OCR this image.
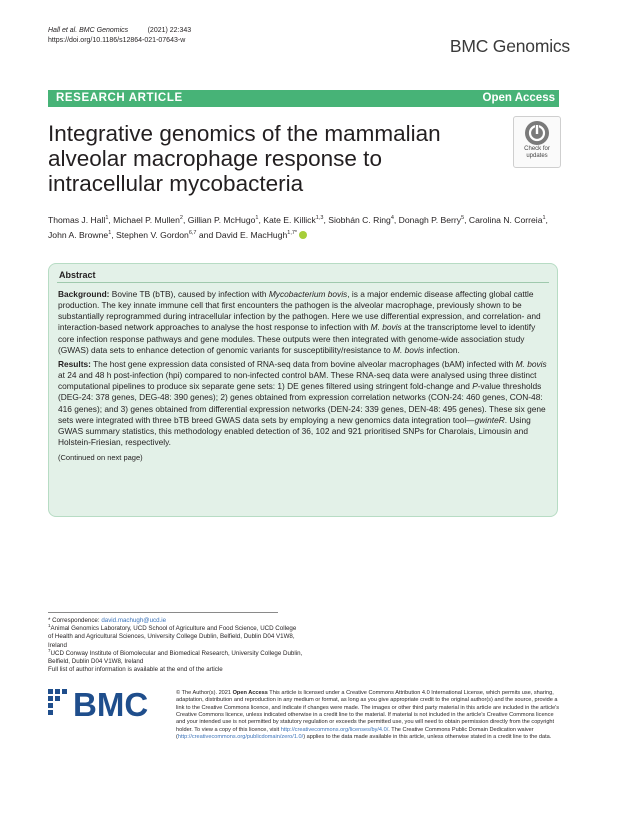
Hall et al. BMC Genomics	(2021) 22:343
https://doi.org/10.1186/s12864-021-07643-w	BMC Genomics
RESEARCH ARTICLE	Open Access
Integrative genomics of the mammalian alveolar macrophage response to intracellular mycobacteria
Check for
updates
Thomas J. Hall$^1$, Michael P. Mullen$^2$, Gillian P. McHugo$^1$, Kate E. Killick$^{1,3}$, Siobhán C. Ring$^4$, Donagh P. Berry$^5$, Carolina N. Correia$^1$, John A. Browne$^1$, Stephen V. Gordon$^{6,7}$ and David E. MacHugh$^{1,7*}$
Abstract

Background: Bovine TB (bTB), caused by infection with Mycobacterium bovis, is a major endemic disease affecting global cattle production. The key innate immune cell that first encounters the pathogen is the alveolar macrophage, previously shown to be substantially reprogrammed during intracellular infection by the pathogen. Here we use differential expression, and correlation- and interaction-based network approaches to analyse the host response to infection with M. bovis at the transcriptome level to identify core infection response pathways and gene modules. These outputs were then integrated with genome-wide association study (GWAS) data sets to enhance detection of genomic variants for susceptibility/resistance to M. bovis infection.

Results: The host gene expression data consisted of RNA-seq data from bovine alveolar macrophages (bAM) infected with M. bovis at 24 and 48 h post-infection (hpi) compared to non-infected control bAM. These RNA-seq data were analysed using three distinct computational pipelines to produce six separate gene sets: 1) DE genes filtered using stringent fold-change and P-value thresholds (DEG-24: 378 genes, DEG-48: 390 genes); 2) genes obtained from expression correlation networks (CON-24: 460 genes, CON-48: 416 genes); and 3) genes obtained from differential expression networks (DEN-24: 339 genes, DEN-48: 495 genes). These six gene sets were integrated with three bTB breed GWAS data sets by employing a new genomics data integration tool—gwinteR. Using GWAS summary statistics, this methodology enabled detection of 36, 102 and 921 prioritised SNPs for Charolais, Limousin and Holstein-Friesian, respectively.

(Continued on next page)
* Correspondence: david.machugh@ucd.ie
$^1$Animal Genomics Laboratory, UCD School of Agriculture and Food Science, UCD College of Health and Agricultural Sciences, University College Dublin, Belfield, Dublin D04 V1W8, Ireland
$^7$UCD Conway Institute of Biomolecular and Biomedical Research, University College Dublin, Belfield, Dublin D04 V1W8, Ireland
Full list of author information is available at the end of the article
BMC	© The Author(s). 2021 Open Access This article is licensed under a Creative Commons Attribution 4.0 International License, which permits use, sharing, adaptation, distribution and reproduction in any medium or format, as long as you give appropriate credit to the original author(s) and the source, provide a link to the Creative Commons licence, and indicate if changes were made. The images or other third party material in this article are included in the article's Creative Commons licence, unless indicated otherwise in a credit line to the material. If material is not included in the article's Creative Commons licence and your intended use is not permitted by statutory regulation or exceeds the permitted use, you will need to obtain permission directly from the copyright holder. To view a copy of this licence, visit http://creativecommons.org/licenses/by/4.0/. The Creative Commons Public Domain Dedication waiver (http://creativecommons.org/publicdomain/zero/1.0/) applies to the data made available in this article, unless otherwise stated in a credit line to the data.
